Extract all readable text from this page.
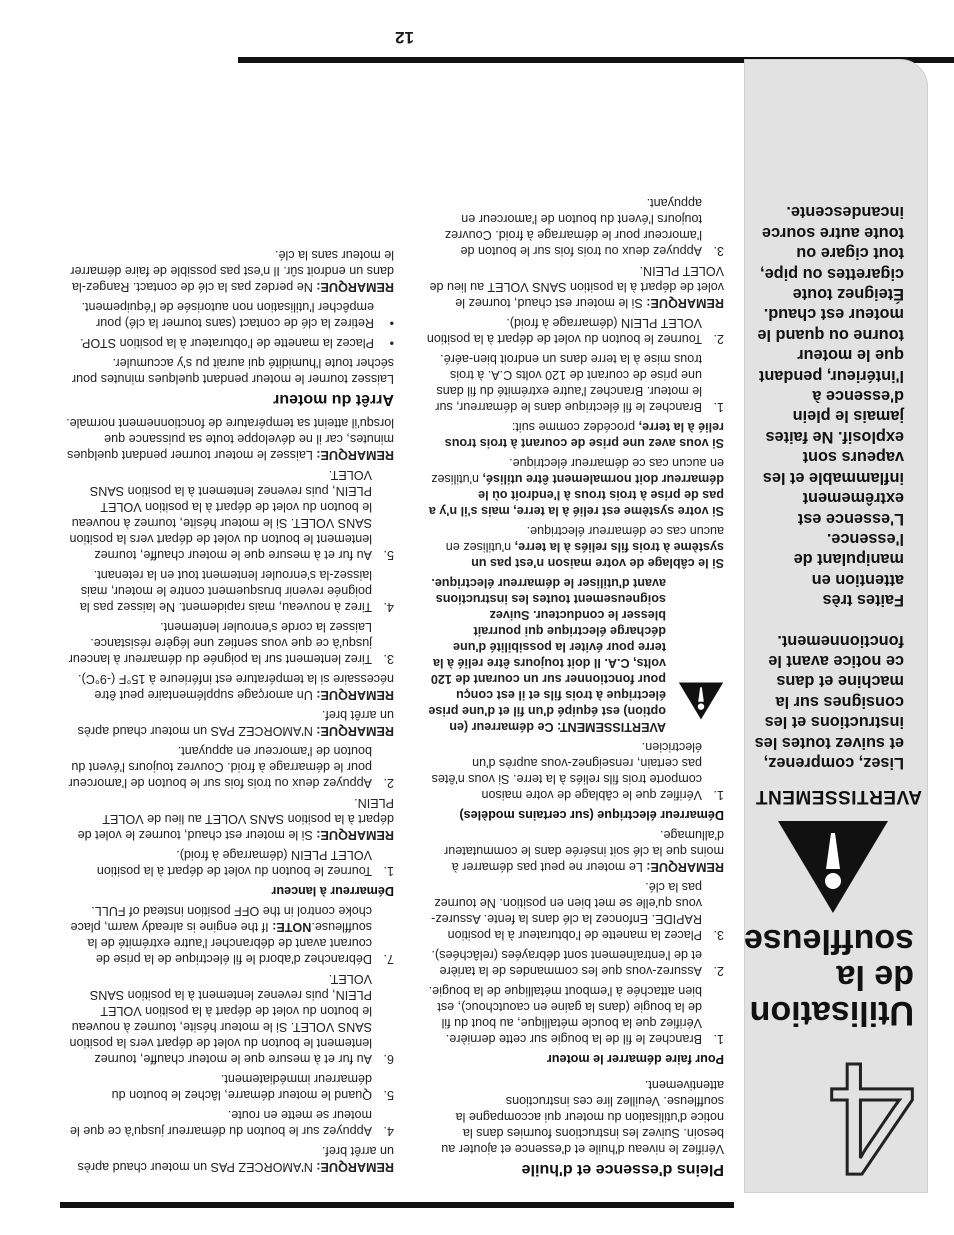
4
Utilisation de la souffleuse
AVERTISSEMENT
Lisez, comprenez, et suivez toutes les instructions et les consignes sur la machine et dans ce notice avant le fonctionnement.
Faites très attention en manipulant de l'essence. L'essence est extrêmement inflammable et les vapeurs sont explosif. Ne faites jamais le plein d'essence à l'intérieur, pendant que le moteur tourne ou quand le moteur est chaud. Éteignez toute cigarettes ou pipe, tout cigare ou toute autre source incandescente.

Pleins d'essence et d'huile

Vérifiez le niveau d'huile et d'essence et ajouter au besoin. Suivez les instructions fournies dans la notice d'utilisation du moteur qui accompagne la souffleuse. Veuillez lire ces instructions attentivement.

Pour faire démarrer le moteur

1.
Branchez le fil de la bougie sur cette dernière. Vérifiez que la boucle métallique, au bout du fil de la bougie (dans la gaine en caoutchouc), est bien attachée à l'embout métallique de la bougie.
2.
Assurez-vous que les commandes de la tarière et de l'entraînement sont débrayées (relâchées).
3.
Placez la manette de l'obturateur à la position RAPIDE. Enfoncez la clé dans la fente. Assurez-vous qu'elle se met bien en position. Ne tournez pas la clé.

REMARQUE: Le moteur ne peut pas démarrer à moins que la clé soit insérée dans le commutateur d'allumage.

Démarreur électrique (sur certains modèles)

1.
Vérifiez que le câblage de votre maison comporte trois fils reliés à la terre. Si vous n'êtes pas certain, renseignez-vous auprès d'un électricien.
AVERTISSEMENT: Ce démarreur (en option) est équipé d'un fil et d'une prise électrique à trois fils et il est conçu pour fonctionner sur un courant de 120 volts, C.A. Il doit toujours être relié à la terre pour éviter la possibilité d'une décharge électrique qui pourrait blesser le conducteur. Suivez soigneusement toutes les instructions avant d'utiliser le démarreur électrique.

Si le câblage de votre maison n'est pas un système à trois fils reliés à la terre, n'utilisez en aucun cas ce démarreur électrique.

Si votre système est relié à la terre, mais s'il n'y a pas de prise à trois trous à l'endroit où le démarreur doit normalement être utilisé, n'utilisez en aucun cas ce démarreur électrique.

Si vous avez une prise de courant à trois trous relié à la terre, procédez comme suit:

1.
Branchez le fil électrique dans le démarreur, sur le moteur. Branchez l'autre extrémité du fil dans une prise de courant de 120 volts C.A. à trois trous mise à la terre dans un endroit bien-aéré.
2.
Tournez le bouton du volet de départ à la position VOLET PLEIN (démarrage à froid).

REMARQUE: Si le moteur est chaud, tournez le volet de départ à la position SANS VOLET au lieu de VOLET PLEIN.

3.
Appuyez deux ou trois fois sur le bouton de l'amorceur pour le démarrage à froid. Couvrez toujours l'évent du bouton de l'amorceur en appuyant.

REMARQUE: N'AMORCEZ PAS un moteur chaud après un arrêt bref.

4.
Appuyez sur le bouton du démarreur jusqu'à ce que le moteur se mette en route.
5.
Quand le moteur démarre, lâchez le bouton du démarreur immédiatement.
6.
Au fur et à mesure que le moteur chauffe, tournez lentement le bouton du volet de départ vers la position SANS VOLET. Si le moteur hésite, tournez à nouveau le bouton du volet de départ à la position VOLET PLEIN, puis revenez lentement à la position SANS VOLET.
7.
Débranchez d'abord le fil électrique de la prise de courant avant de débrancher l'autre extrémité de la souffleuse.NOTE: If the engine is already warm, place choke control in the OFF position instead of FULL.

Démarreur à lanceur

1.
Tournez le bouton du volet de départ à la position VOLET PLEIN (démarrage à froid).

REMARQUE: Si le moteur est chaud, tournez le volet de départ à la position SANS VOLET au lieu de VOLET PLEIN.

2.
Appuyez deux ou trois fois sur le bouton de l'amorceur pour le démarrage à froid. Couvrez toujours l'évent du bouton de l'amorceur en appuyant.

REMARQUE: N'AMORCEZ PAS un moteur chaud après un arrêt bref.

REMARQUE: Un amorçage supplémentaire peut être nécessaire si la température est inférieure à 15°F (-9°C).

3.
Tirez lentement sur la poignée du démarreur à lanceur jusqu'à ce que vous sentiez une légère résistance. Laissez la corde s'enrouler lentement.
4.
Tirez à nouveau, mais rapidement. Ne laissez pas la poignée revenir brusquement contre le moteur, mais laissez-la s'enrouler lentement tout en la retenant.
5.
Au fur et à mesure que le moteur chauffe, tournez lentement le bouton du volet de départ vers la position SANS VOLET. Si le moteur hésite, tournez à nouveau le bouton du volet de départ à la position VOLET PLEIN, puis revenez lentement à la position SANS VOLET.

REMARQUE: Laissez le moteur tourner pendant quelques minutes, car il ne développe toute sa puissance que lorsqu'il atteint sa température de fonctionnement normale.

Arrêt du moteur

Laissez tourner le moteur pendant quelques minutes pour sécher toute l'humidité qui aurait pu s'y accumuler.

•
Placez la manette de l'obturateur à la position STOP.
•
Retirez la clé de contact (sans tourner la clé) pour empêcher l'utilisation non autorisée de l'équipement.

REMARQUE: Ne perdez pas la clé de contact. Rangez-la dans un endroit sûr. Il n'est pas possible de faire démarrer le moteur sans la clé.

12
